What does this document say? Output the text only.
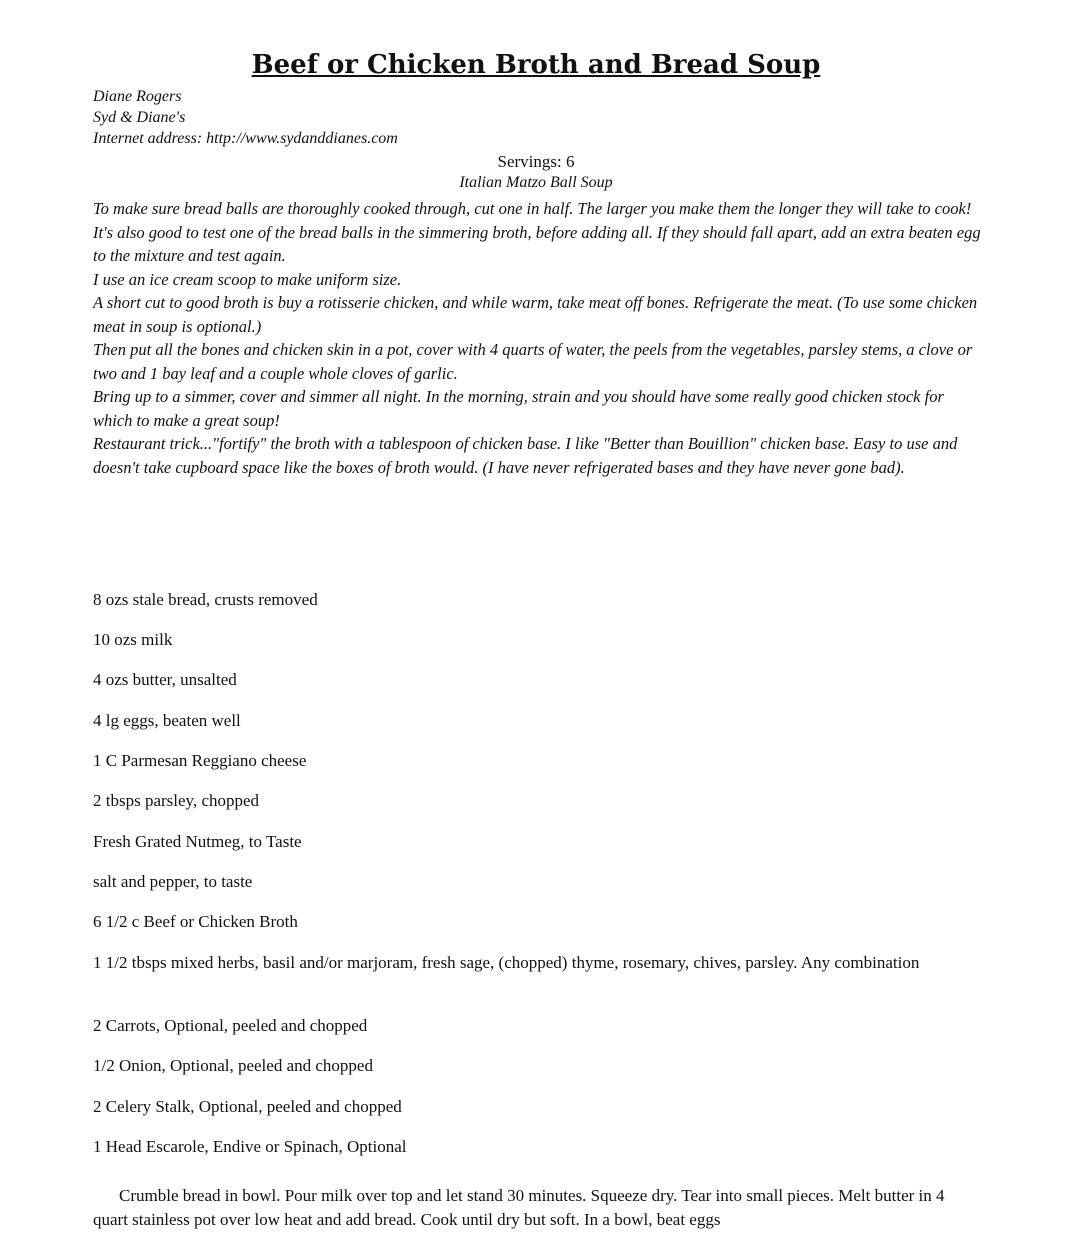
Beef or Chicken Broth and Bread Soup
Diane Rogers
Syd & Diane's
Internet address: http://www.sydanddianes.com
Servings: 6
Italian Matzo Ball Soup

To make sure bread balls are thoroughly cooked through, cut one in half. The larger you make them the longer they will take to cook!

It's also good to test one of the bread balls in the simmering broth, before adding all. If they should fall apart, add an extra beaten egg to the mixture and test again.

I use an ice cream scoop to make uniform size.

A short cut to good broth is buy a rotisserie chicken, and while warm, take meat off bones. Refrigerate the meat. (To use some chicken meat in soup is optional.)

Then put all the bones and chicken skin in a pot, cover with 4 quarts of water, the peels from the vegetables, parsley stems, a clove or two and 1 bay leaf and a couple whole cloves of garlic.

Bring up to a simmer, cover and simmer all night. In the morning, strain and you should have some really good chicken stock for which to make a great soup!

Restaurant trick..."fortify" the broth with a tablespoon of chicken base. I like "Better than Bouillion" chicken base. Easy to use and doesn't take cupboard space like the boxes of broth would. (I have never refrigerated bases and they have never gone bad).

8 ozs stale bread, crusts removed
10 ozs milk
4 ozs butter, unsalted
4 lg eggs, beaten well
1 C Parmesan Reggiano cheese
2 tbsps parsley, chopped
Fresh Grated Nutmeg, to Taste
salt and pepper, to taste
6 1/2 c Beef or Chicken Broth
1 1/2 tbsps mixed herbs, basil and/or marjoram, fresh sage, (chopped) thyme, rosemary, chives, parsley. Any combination
2 Carrots, Optional, peeled and chopped
1/2 Onion, Optional, peeled and chopped
2 Celery Stalk, Optional, peeled and chopped
1 Head Escarole, Endive or Spinach, Optional

Crumble bread in bowl. Pour milk over top and let stand 30 minutes. Squeeze dry. Tear into small pieces. Melt butter in 4 quart stainless pot over low heat and add bread. Cook until dry but soft. In a bowl, beat eggs
